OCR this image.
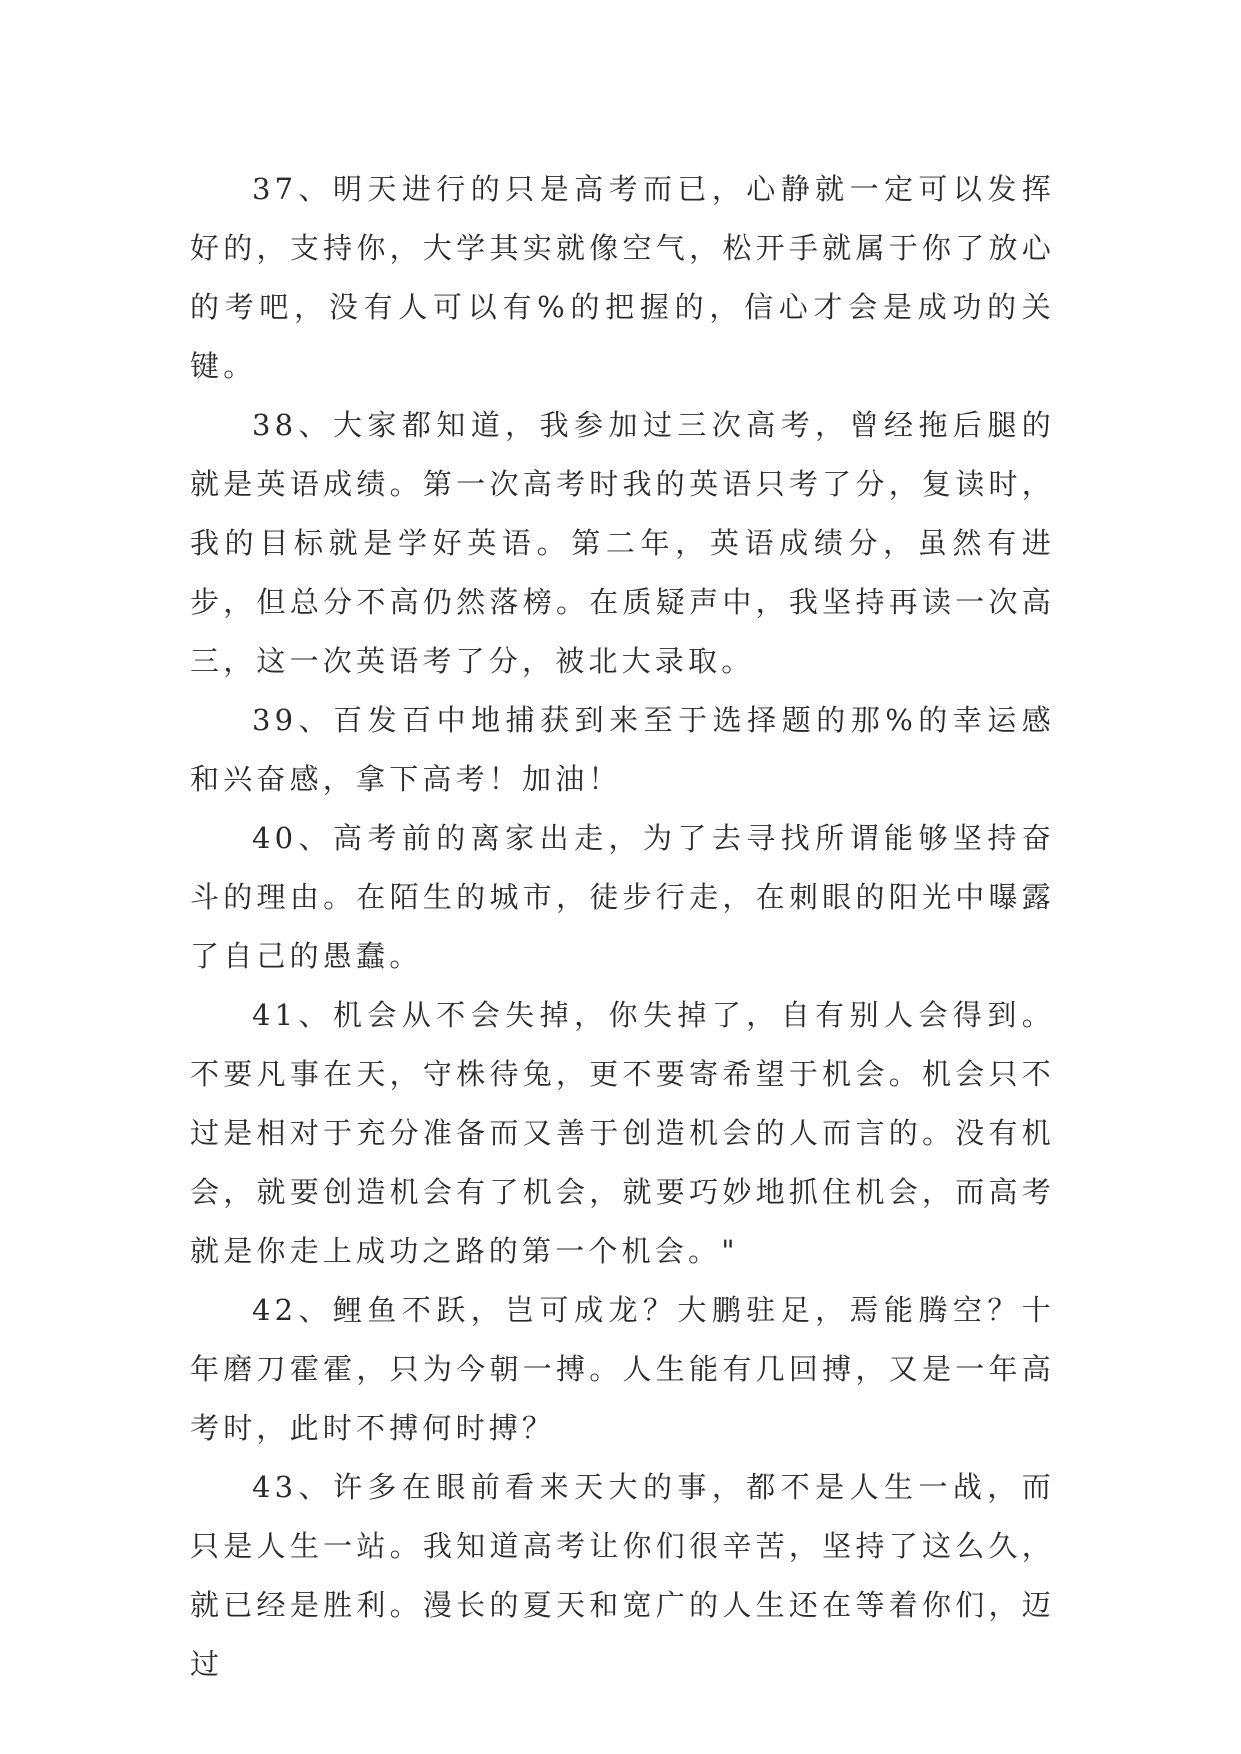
37、明天进行的只是高考而已，心静就一定可以发挥好的，支持你，大学其实就像空气，松开手就属于你了放心的考吧，没有人可以有%的把握的，信心才会是成功的关键。

38、大家都知道，我参加过三次高考，曾经拖后腿的就是英语成绩。第一次高考时我的英语只考了分，复读时，我的目标就是学好英语。第二年，英语成绩分，虽然有进步，但总分不高仍然落榜。在质疑声中，我坚持再读一次高三，这一次英语考了分，被北大录取。

39、百发百中地捕获到来至于选择题的那%的幸运感和兴奋感，拿下高考！加油！

40、高考前的离家出走，为了去寻找所谓能够坚持奋斗的理由。在陌生的城市，徒步行走，在刺眼的阳光中曝露了自己的愚蠢。

41、机会从不会失掉，你失掉了，自有别人会得到。不要凡事在天，守株待兔，更不要寄希望于机会。机会只不过是相对于充分准备而又善于创造机会的人而言的。没有机会，就要创造机会有了机会，就要巧妙地抓住机会，而高考就是你走上成功之路的第一个机会。"

42、鲤鱼不跃，岂可成龙？大鹏驻足，焉能腾空？十年磨刀霍霍，只为今朝一搏。人生能有几回搏，又是一年高考时，此时不搏何时搏？

43、许多在眼前看来天大的事，都不是人生一战，而只是人生一站。我知道高考让你们很辛苦，坚持了这么久，就已经是胜利。漫长的夏天和宽广的人生还在等着你们，迈过
